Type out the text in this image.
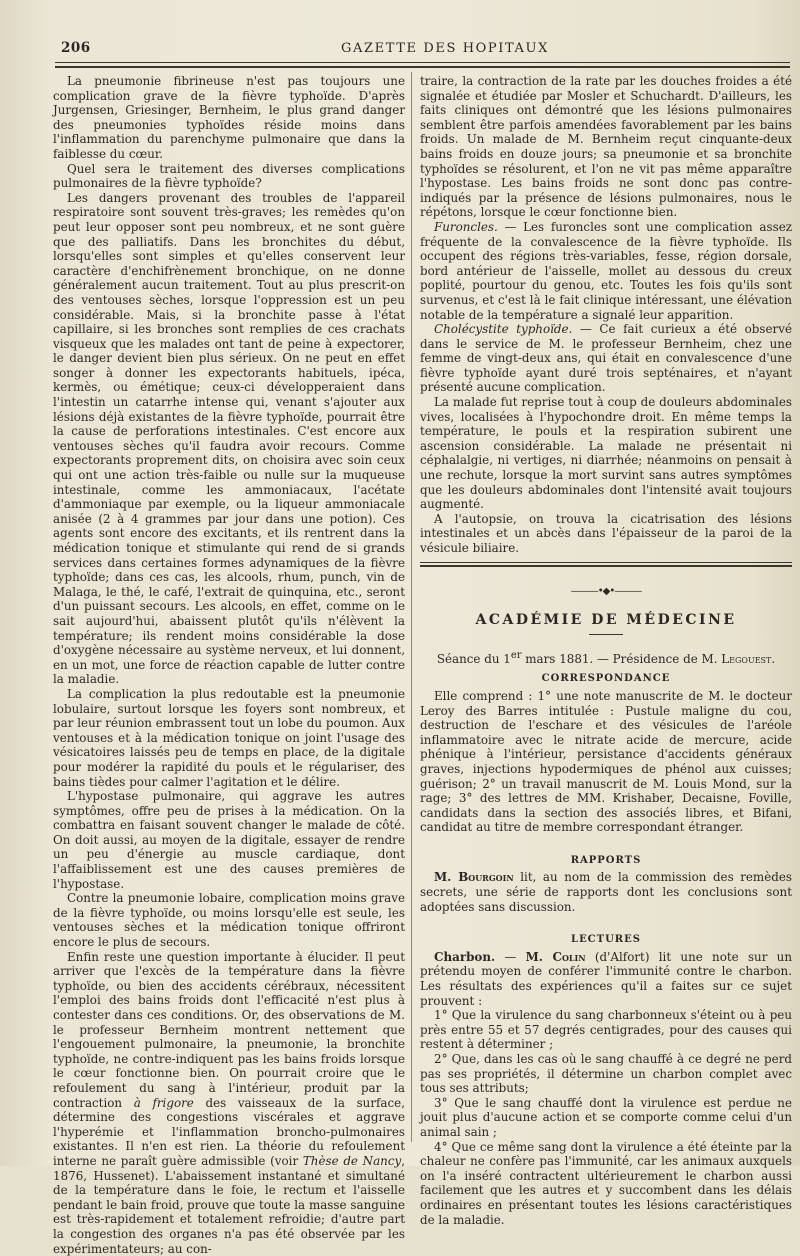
206	GAZETTE DES HOPITAUX

La pneumonie fibrineuse n'est pas toujours une complication grave de la fièvre typhoïde. D'après Jurgensen, Griesinger, Bernheim, le plus grand danger des pneumonies typhoïdes réside moins dans l'inflammation du parenchyme pulmonaire que dans la faiblesse du cœur.

Quel sera le traitement des diverses complications pulmonaires de la fièvre typhoïde?

Les dangers provenant des troubles de l'appareil respiratoire sont souvent très-graves; les remèdes qu'on peut leur opposer sont peu nombreux, et ne sont guère que des palliatifs. Dans les bronchites du début, lorsqu'elles sont simples et qu'elles conservent leur caractère d'enchifrènement bronchique, on ne donne généralement aucun traitement. Tout au plus prescrit-on des ventouses sèches, lorsque l'oppression est un peu considérable. Mais, si la bronchite passe à l'état capillaire, si les bronches sont remplies de ces crachats visqueux que les malades ont tant de peine à expectorer, le danger devient bien plus sérieux. On ne peut en effet songer à donner les expectorants habituels, ipéca, kermès, ou émétique; ceux-ci développeraient dans l'intestin un catarrhe intense qui, venant s'ajouter aux lésions déjà existantes de la fièvre typhoïde, pourrait être la cause de perforations intestinales. C'est encore aux ventouses sèches qu'il faudra avoir recours. Comme expectorants proprement dits, on choisira avec soin ceux qui ont une action très-faible ou nulle sur la muqueuse intestinale, comme les ammoniacaux, l'acétate d'ammoniaque par exemple, ou la liqueur ammoniacale anisée (2 à 4 grammes par jour dans une potion). Ces agents sont encore des excitants, et ils rentrent dans la médication tonique et stimulante qui rend de si grands services dans certaines formes adynamiques de la fièvre typhoïde; dans ces cas, les alcools, rhum, punch, vin de Malaga, le thé, le café, l'extrait de quinquina, etc., seront d'un puissant secours. Les alcools, en effet, comme on le sait aujourd'hui, abaissent plutôt qu'ils n'élèvent la température; ils rendent moins considérable la dose d'oxygène nécessaire au système nerveux, et lui donnent, en un mot, une force de réaction capable de lutter contre la maladie.

La complication la plus redoutable est la pneumonie lobulaire, surtout lorsque les foyers sont nombreux, et par leur réunion embrassent tout un lobe du poumon. Aux ventouses et à la médication tonique on joint l'usage des vésicatoires laissés peu de temps en place, de la digitale pour modérer la rapidité du pouls et le régulariser, des bains tièdes pour calmer l'agitation et le délire.

L'hypostase pulmonaire, qui aggrave les autres symptômes, offre peu de prises à la médication. On la combattra en faisant souvent changer le malade de côté. On doit aussi, au moyen de la digitale, essayer de rendre un peu d'énergie au muscle cardiaque, dont l'affaiblissement est une des causes premières de l'hypostase.

Contre la pneumonie lobaire, complication moins grave de la fièvre typhoïde, ou moins lorsqu'elle est seule, les ventouses sèches et la médication tonique offriront encore le plus de secours.

Enfin reste une question importante à élucider. Il peut arriver que l'excès de la température dans la fièvre typhoïde, ou bien des accidents cérébraux, nécessitent l'emploi des bains froids dont l'efficacité n'est plus à contester dans ces conditions. Or, des observations de M. le professeur Bernheim montrent nettement que l'engouement pulmonaire, la pneumonie, la bronchite typhoïde, ne contre-indiquent pas les bains froids lorsque le cœur fonctionne bien. On pourrait croire que le refoulement du sang à l'intérieur, produit par la contraction à frigore des vaisseaux de la surface, détermine des congestions viscérales et aggrave l'hyperémie et l'inflammation broncho-pulmonaires existantes. Il n'en est rien. La théorie du refoulement interne ne paraît guère admissible (voir Thèse de Nancy, 1876, Hussenet). L'abaissement instantané et simultané de la température dans le foie, le rectum et l'aisselle pendant le bain froid, prouve que toute la masse sanguine est très-rapidement et totalement refroidie; d'autre part la congestion des organes n'a pas été observée par les expérimentateurs; au con-

traire, la contraction de la rate par les douches froides a été signalée et étudiée par Mosler et Schuchardt. D'ailleurs, les faits cliniques ont démontré que les lésions pulmonaires semblent être parfois amendées favorablement par les bains froids. Un malade de M. Bernheim reçut cinquante-deux bains froids en douze jours; sa pneumonie et sa bronchite typhoïdes se résolurent, et l'on ne vit pas même apparaître l'hypostase. Les bains froids ne sont donc pas contre-indiqués par la présence de lésions pulmonaires, nous le répétons, lorsque le cœur fonctionne bien.

Furoncles. — Les furoncles sont une complication assez fréquente de la convalescence de la fièvre typhoïde. Ils occupent des régions très-variables, fesse, région dorsale, bord antérieur de l'aisselle, mollet au dessous du creux poplité, pourtour du genou, etc. Toutes les fois qu'ils sont survenus, et c'est là le fait clinique intéressant, une élévation notable de la température a signalé leur apparition.

Cholécystite typhoïde. — Ce fait curieux a été observé dans le service de M. le professeur Bernheim, chez une femme de vingt-deux ans, qui était en convalescence d'une fièvre typhoïde ayant duré trois septénaires, et n'ayant présenté aucune complication.

La malade fut reprise tout à coup de douleurs abdominales vives, localisées à l'hypochondre droit. En même temps la température, le pouls et la respiration subirent une ascension considérable. La malade ne présentait ni céphalalgie, ni vertiges, ni diarrhée; néanmoins on pensait à une rechute, lorsque la mort survint sans autres symptômes que les douleurs abdominales dont l'intensité avait toujours augmenté.

A l'autopsie, on trouva la cicatrisation des lésions intestinales et un abcès dans l'épaisseur de la paroi de la vésicule biliaire.

———•◆•———
ACADÉMIE DE MÉDECINE
Séance du 1er mars 1881. — Présidence de M. Legouest.
CORRESPONDANCE

Elle comprend : 1° une note manuscrite de M. le docteur Leroy des Barres intitulée : Pustule maligne du cou, destruction de l'eschare et des vésicules de l'aréole inflammatoire avec le nitrate acide de mercure, acide phénique à l'intérieur, persistance d'accidents généraux graves, injections hypodermiques de phénol aux cuisses; guérison; 2° un travail manuscrit de M. Louis Mond, sur la rage; 3° des lettres de MM. Krishaber, Decaisne, Foville, candidats dans la section des associés libres, et Bifani, candidat au titre de membre correspondant étranger.

RAPPORTS

M. Bourgoin lit, au nom de la commission des remèdes secrets, une série de rapports dont les conclusions sont adoptées sans discussion.

LECTURES

Charbon. — M. Colin (d'Alfort) lit une note sur un prétendu moyen de conférer l'immunité contre le charbon. Les résultats des expériences qu'il a faites sur ce sujet prouvent :

1° Que la virulence du sang charbonneux s'éteint ou à peu près entre 55 et 57 degrés centigrades, pour des causes qui restent à déterminer ;

2° Que, dans les cas où le sang chauffé à ce degré ne perd pas ses propriétés, il détermine un charbon complet avec tous ses attributs;

3° Que le sang chauffé dont la virulence est perdue ne jouit plus d'aucune action et se comporte comme celui d'un animal sain ;

4° Que ce même sang dont la virulence a été éteinte par la chaleur ne confère pas l'immunité, car les animaux auxquels on l'a inséré contractent ultérieurement le charbon aussi facilement que les autres et y succombent dans les délais ordinaires en présentant toutes les lésions caractéristiques de la maladie.
